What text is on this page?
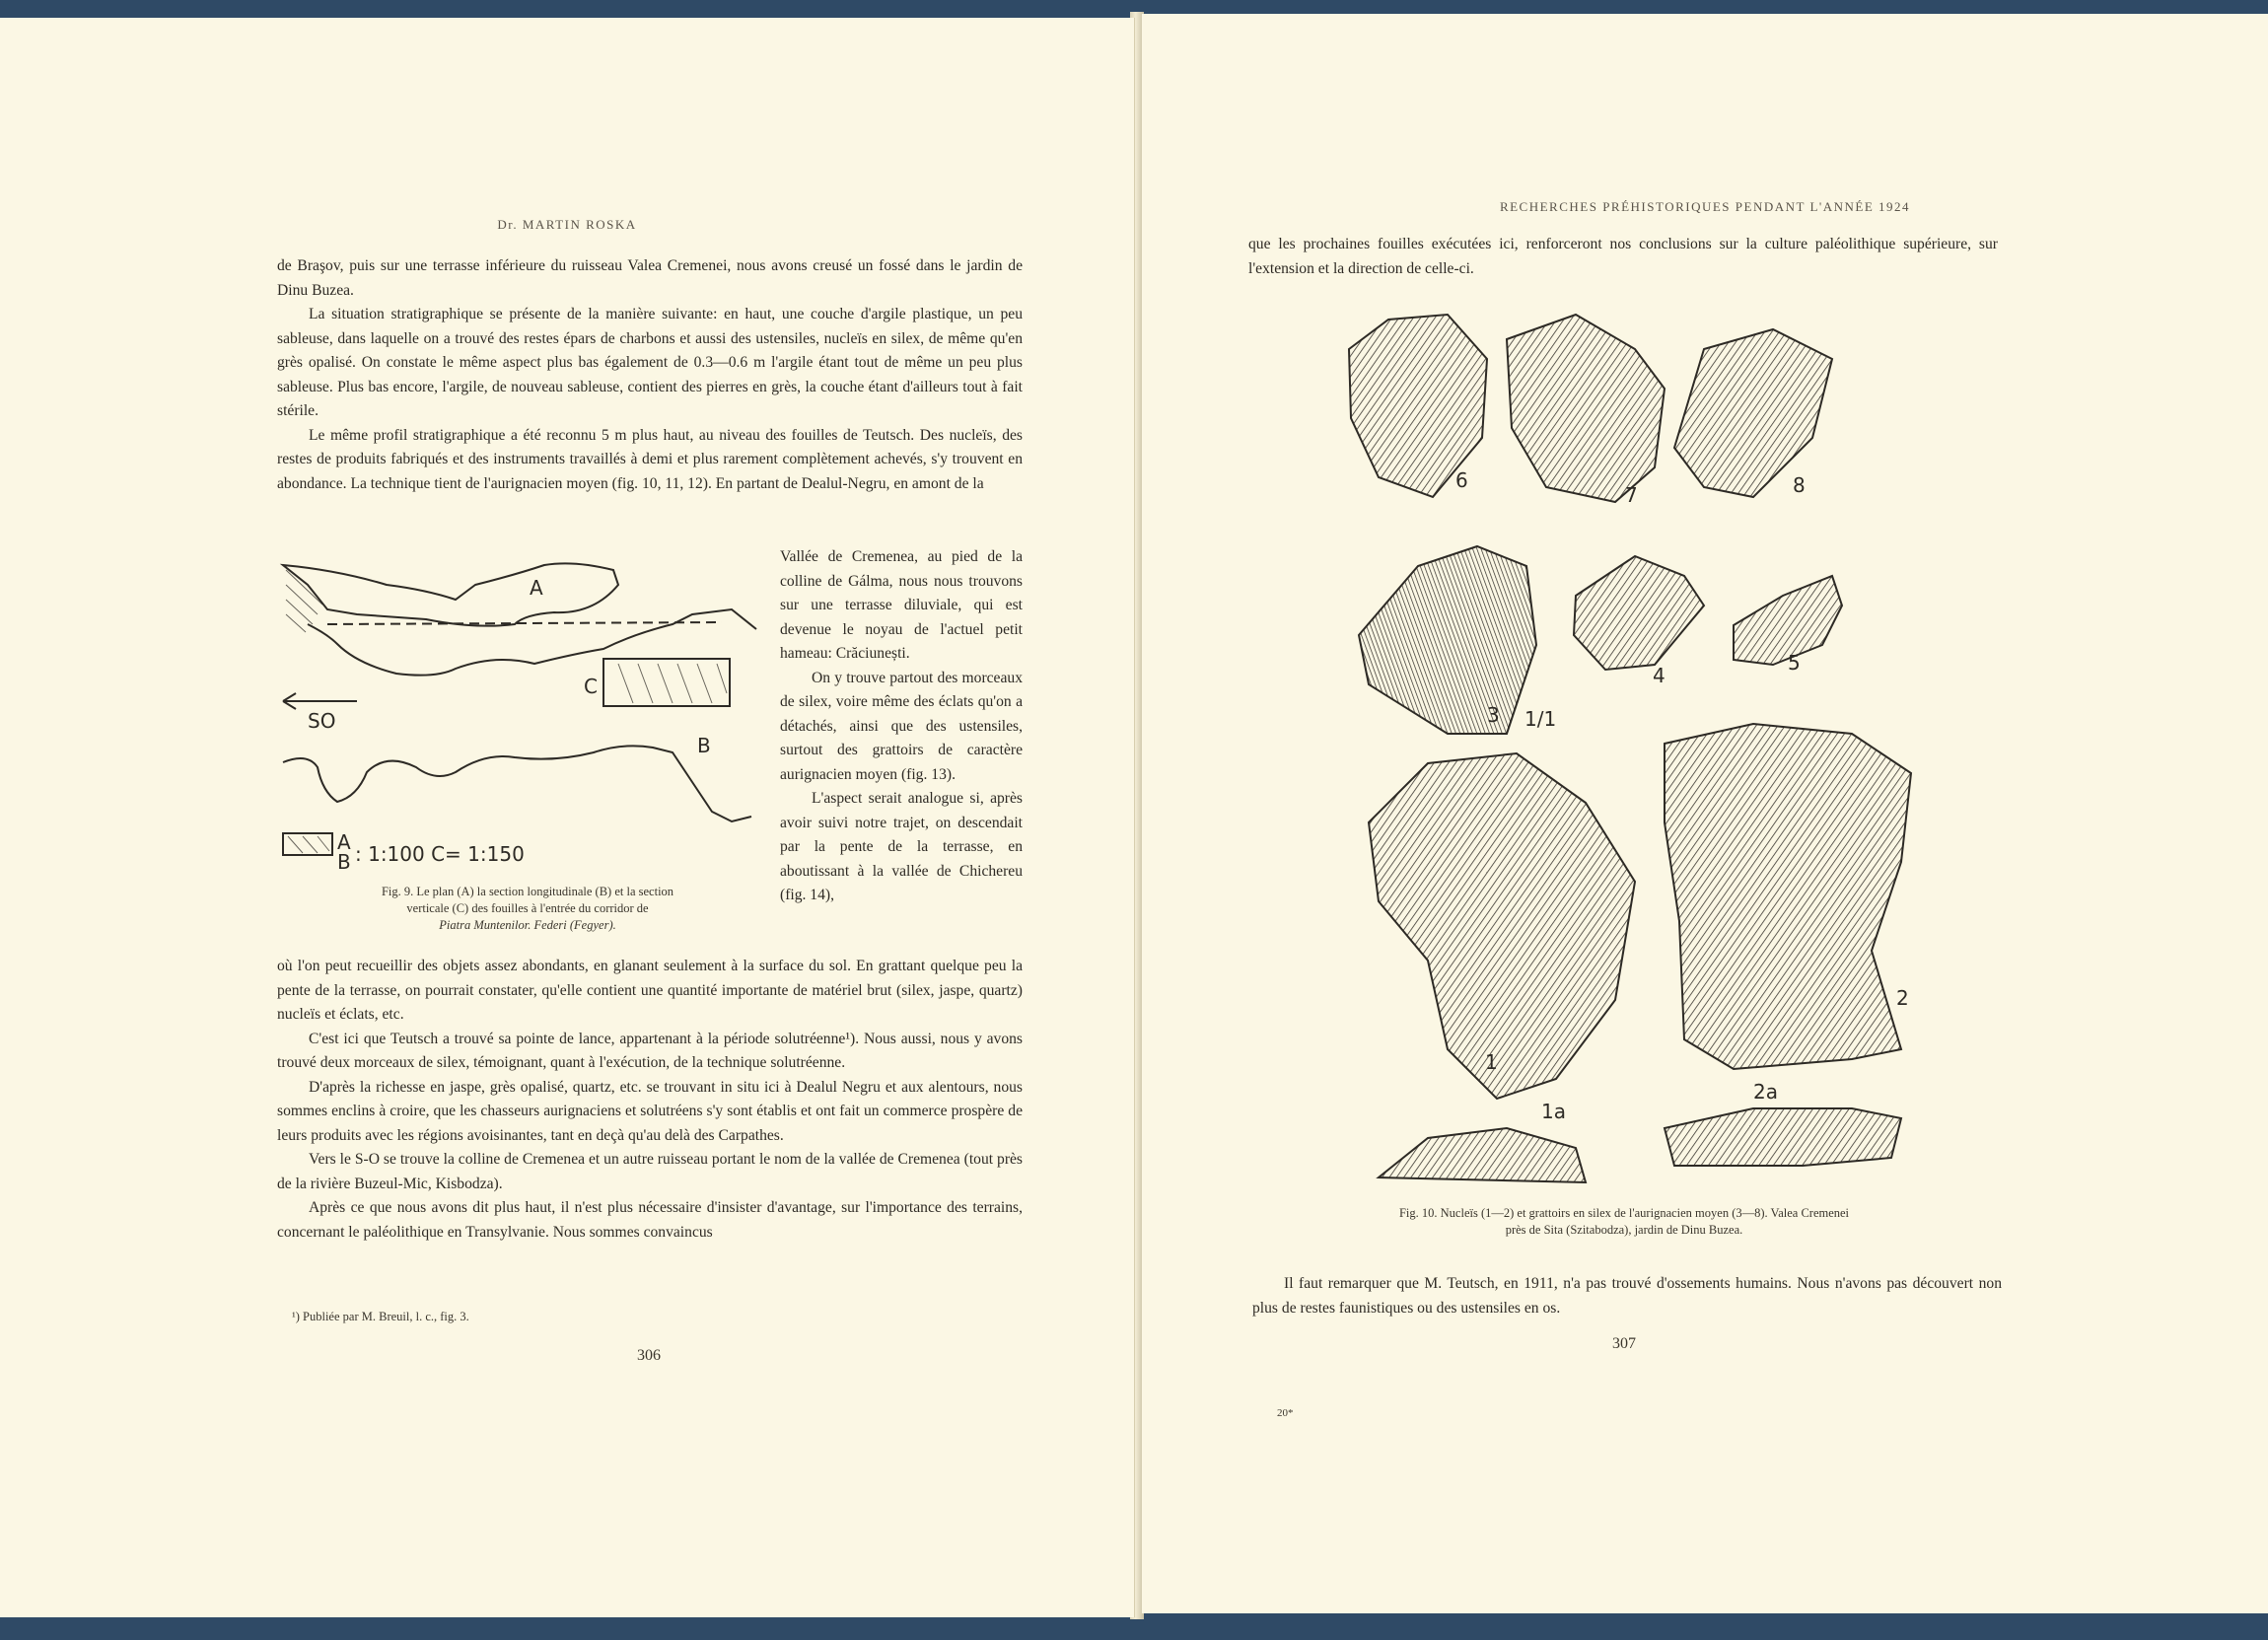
Dr. MARTIN ROSKA

de Braşov, puis sur une terrasse inférieure du ruisseau Valea Cremenei, nous avons creusé un fossé dans le jardin de Dinu Buzea.

La situation stratigraphique se présente de la manière suivante: en haut, une couche d'argile plastique, un peu sableuse, dans laquelle on a trouvé des restes épars de charbons et aussi des ustensiles, nucleïs en silex, de même qu'en grès opalisé. On constate le même aspect plus bas également de 0.3—0.6 m l'argile étant tout de même un peu plus sableuse. Plus bas encore, l'argile, de nouveau sableuse, contient des pierres en grès, la couche étant d'ailleurs tout à fait stérile.

Le même profil stratigraphique a été reconnu 5 m plus haut, au niveau des fouilles de Teutsch. Des nucleïs, des restes de produits fabriqués et des instruments travaillés à demi et plus rarement complètement achevés, s'y trouvent en abondance. La technique tient de l'aurignacien moyen (fig. 10, 11, 12). En partant de Dealul-Negru, en amont de la

A
C
SO
B
A
B : 1:100 C= 1:150
Fig. 9. Le plan (A) la section longitudinale (B) et la section
verticale (C) des fouilles à l'entrée du corridor de
Piatra Muntenilor. Federi (Fegyer).

Vallée de Cremenea, au pied de la colline de Gálma, nous nous trouvons sur une terrasse diluviale, qui est devenue le noyau de l'actuel petit hameau: Crăciunești.

On y trouve partout des morceaux de silex, voire même des éclats qu'on a détachés, ainsi que des ustensiles, surtout des grattoirs de caractère aurignacien moyen (fig. 13).

L'aspect serait analogue si, après avoir suivi notre trajet, on descendait par la pente de la terrasse, en aboutissant à la vallée de Chichereu (fig. 14),

où l'on peut recueillir des objets assez abondants, en glanant seulement à la surface du sol. En grattant quelque peu la pente de la terrasse, on pourrait constater, qu'elle contient une quantité importante de matériel brut (silex, jaspe, quartz) nucleïs et éclats, etc.

C'est ici que Teutsch a trouvé sa pointe de lance, appartenant à la période solutréenne¹). Nous aussi, nous y avons trouvé deux morceaux de silex, témoignant, quant à l'exécution, de la technique solutréenne.

D'après la richesse en jaspe, grès opalisé, quartz, etc. se trouvant in situ ici à Dealul Negru et aux alentours, nous sommes enclins à croire, que les chasseurs aurignaciens et solutréens s'y sont établis et ont fait un commerce prospère de leurs produits avec les régions avoisinantes, tant en deçà qu'au delà des Carpathes.

Vers le S-O se trouve la colline de Cremenea et un autre ruisseau portant le nom de la vallée de Cremenea (tout près de la rivière Buzeul-Mic, Kisbodza).

Après ce que nous avons dit plus haut, il n'est plus nécessaire d'insister d'avantage, sur l'importance des terrains, concernant le paléolithique en Transylvanie. Nous sommes convaincus

¹) Publiée par M. Breuil, l. c., fig. 3.
306
RECHERCHES PRÉHISTORIQUES PENDANT L'ANNÉE 1924

que les prochaines fouilles exécutées ici, renforceront nos conclusions sur la culture paléolithique supérieure, sur l'extension et la direction de celle-ci.

6
7	8
3 1/1
4
5
1
2
1a
2a
Fig. 10. Nucleïs (1—2) et grattoirs en silex de l'aurignacien moyen (3—8). Valea Cremenei
près de Sita (Szitabodza), jardin de Dinu Buzea.

Il faut remarquer que M. Teutsch, en 1911, n'a pas trouvé d'ossements humains. Nous n'avons pas découvert non plus de restes faunistiques ou des ustensiles en os.

307
20*
